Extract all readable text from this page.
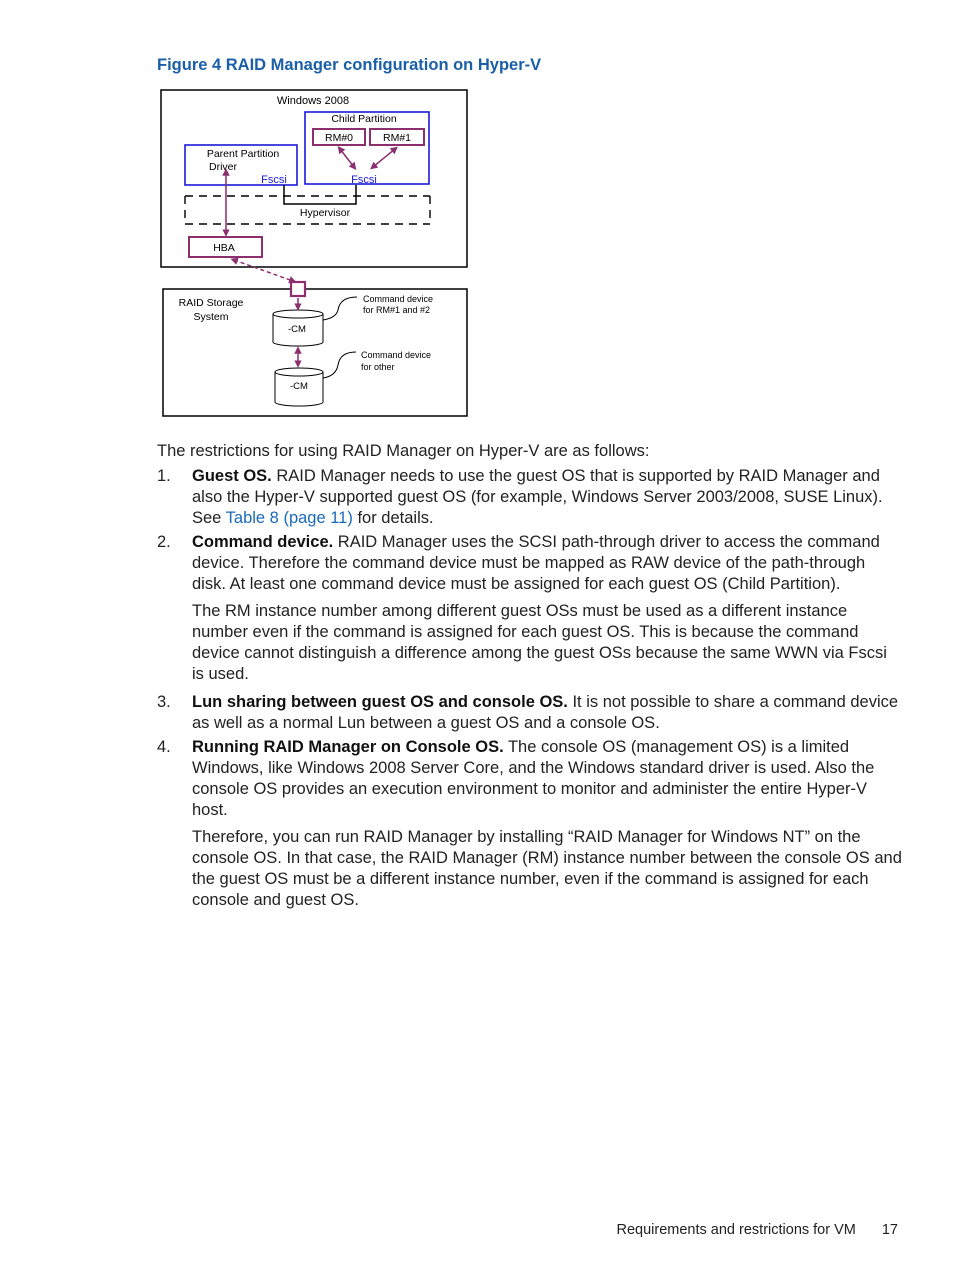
Figure 4 RAID Manager configuration on Hyper-V
Windows 2008
Child Partition
RM#0	RM#1
Fscsi
Parent Partition
Driver
Fscsi
Hypervisor
HBA
RAID Storage
System
-CM
-CM
Command device
for RM#1 and #2
Command device
for other
The restrictions for using RAID Manager on Hyper-V are as follows:
1. Guest OS. RAID Manager needs to use the guest OS that is supported by RAID Manager and also the Hyper-V supported guest OS (for example, Windows Server 2003/2008, SUSE Linux). See Table 8 (page 11) for details.

2. Command device. RAID Manager uses the SCSI path-through driver to access the command device. Therefore the command device must be mapped as RAW device of the path-through disk. At least one command device must be assigned for each guest OS (Child Partition).

The RM instance number among different guest OSs must be used as a different instance number even if the command is assigned for each guest OS. This is because the command device cannot distinguish a difference among the guest OSs because the same WWN via Fscsi is used.

3. Lun sharing between guest OS and console OS. It is not possible to share a command device as well as a normal Lun between a guest OS and a console OS.

4. Running RAID Manager on Console OS. The console OS (management OS) is a limited Windows, like Windows 2008 Server Core, and the Windows standard driver is used. Also the console OS provides an execution environment to monitor and administer the entire Hyper-V host.

Therefore, you can run RAID Manager by installing “RAID Manager for Windows NT” on the console OS. In that case, the RAID Manager (RM) instance number between the console OS and the guest OS must be a different instance number, even if the command is assigned for each console and guest OS.

Requirements and restrictions for VM 17
